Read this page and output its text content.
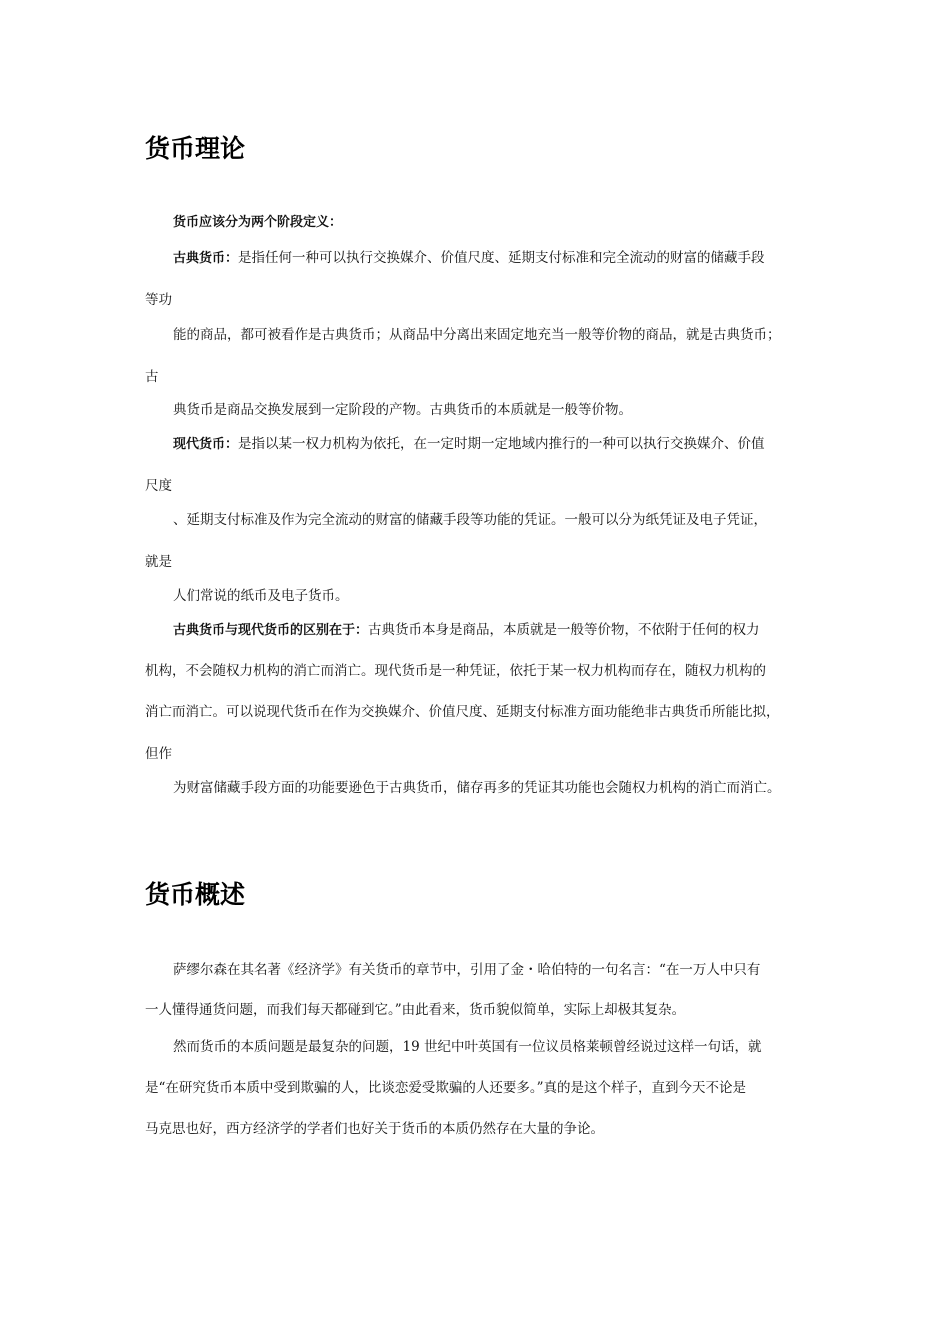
货币理论
货币应该分为两个阶段定义：
古典货币：是指任何一种可以执行交换媒介、价值尺度、延期支付标准和完全流动的财富的储藏手段
等功
能的商品，都可被看作是古典货币；从商品中分离出来固定地充当一般等价物的商品，就是古典货币；
古
典货币是商品交换发展到一定阶段的产物。古典货币的本质就是一般等价物。
现代货币：是指以某一权力机构为依托，在一定时期一定地域内推行的一种可以执行交换媒介、价值
尺度
、延期支付标准及作为完全流动的财富的储藏手段等功能的凭证。一般可以分为纸凭证及电子凭证，
就是
人们常说的纸币及电子货币。
古典货币与现代货币的区别在于：古典货币本身是商品，本质就是一般等价物，不依附于任何的权力
机构，不会随权力机构的消亡而消亡。现代货币是一种凭证，依托于某一权力机构而存在，随权力机构的
消亡而消亡。可以说现代货币在作为交换媒介、价值尺度、延期支付标准方面功能绝非古典货币所能比拟，
但作
为财富储藏手段方面的功能要逊色于古典货币，储存再多的凭证其功能也会随权力机构的消亡而消亡。
货币概述
萨缪尔森在其名著《经济学》有关货币的章节中，引用了金・哈伯特的一句名言：“在一万人中只有
一人懂得通货问题，而我们每天都碰到它。”由此看来，货币貌似简单，实际上却极其复杂。
然而货币的本质问题是最复杂的问题，19 世纪中叶英国有一位议员格莱顿曾经说过这样一句话，就
是“在研究货币本质中受到欺骗的人，比谈恋爱受欺骗的人还要多。”真的是这个样子，直到今天不论是
马克思也好，西方经济学的学者们也好关于货币的本质仍然存在大量的争论。
